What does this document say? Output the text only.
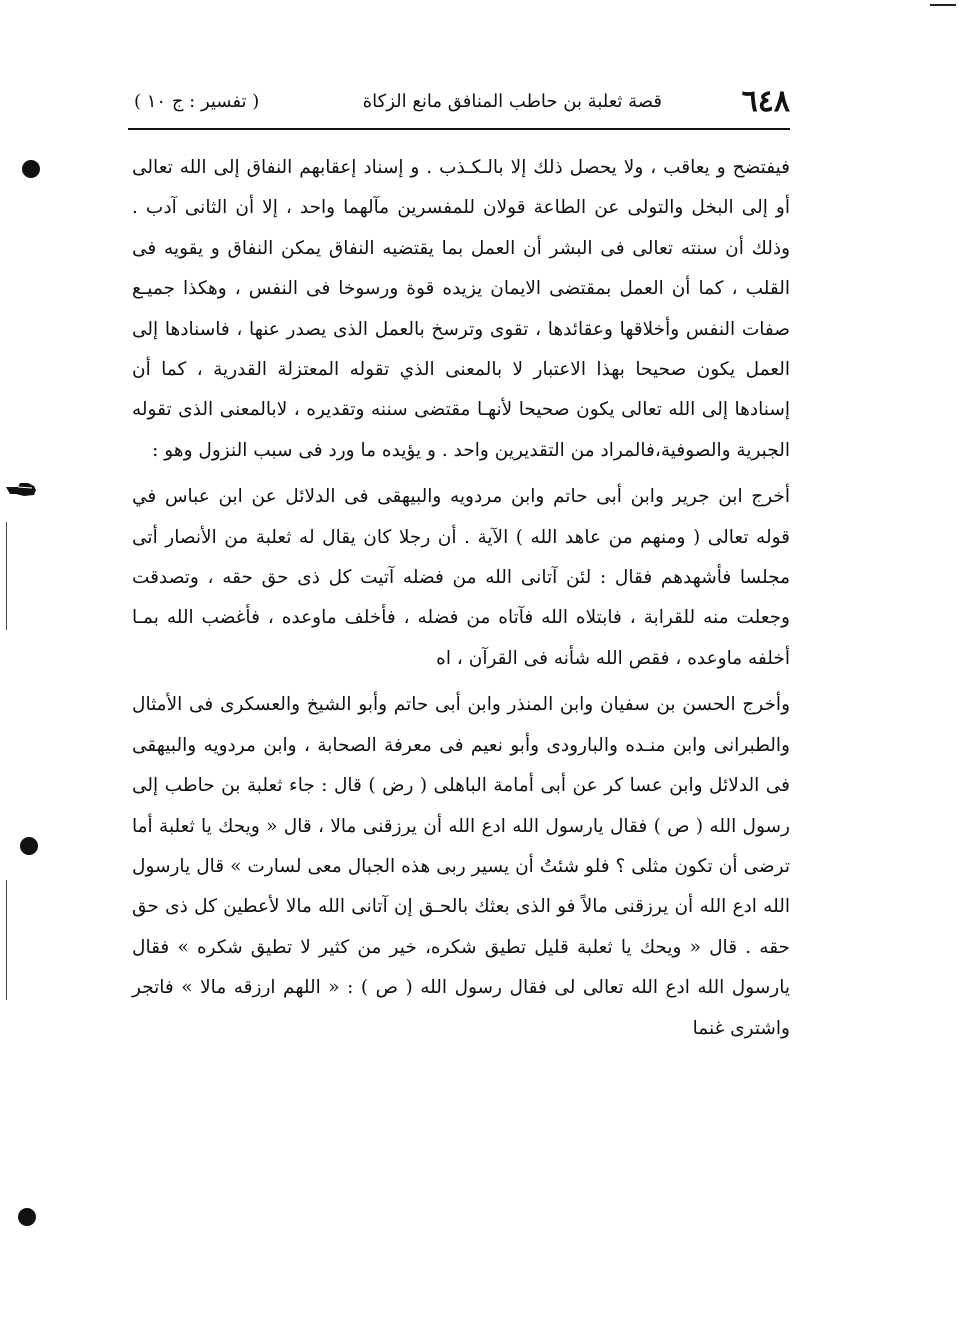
٦٤٨
قصة ثعلبة بن حاطب المنافق مانع الزكاة
( تفسير : ج ١٠ )

فيفتضح و يعاقب ، ولا يحصل ذلك إلا بالـكـذب . و إسناد إعقابهم النفاق إلى الله تعالى أو إلى البخل والتولى عن الطاعة قولان للمفسرين مآلهما واحد ، إلا أن الثانى آدب . وذلك أن سنته تعالى فى البشر أن العمل بما يقتضيه النفاق يمكن النفاق و يقويه فى القلب ، كما أن العمل بمقتضى الايمان يزيده قوة ورسوخا فى النفس ، وهكذا جميـع صفات النفس وأخلاقها وعقائدها ، تقوى وترسخ بالعمل الذى يصدر عنها ، فاسنادها إلى العمل يكون صحيحا بهذا الاعتبار لا بالمعنى الذي تقوله المعتزلة القدرية ، كما أن إسنادها إلى الله تعالى يكون صحيحا لأنهـا مقتضى سننه وتقديره ، لابالمعنى الذى تقوله الجبرية والصوفية،فالمراد من التقديرين واحد . و يؤيده ما ورد فى سبب النزول وهو :

أخرج ابن جرير وابن أبى حاتم وابن مردويه والبيهقى فى الدلائل عن ابن عباس في قوله تعالى ( ومنهم من عاهد الله ) الآية . أن رجلا كان يقال له ثعلبة من الأنصار أتى مجلسا فأشهدهم فقال : لئن آتانى الله من فضله آتيت كل ذى حق حقه ، وتصدقت وجعلت منه للقرابة ، فابتلاه الله فآتاه من فضله ، فأخلف ماوعده ، فأغضب الله بمـا أخلفه ماوعده ، فقص الله شأنه فى القرآن ، اه

وأخرج الحسن بن سفيان وابن المنذر وابن أبى حاتم وأبو الشيخ والعسكرى فى الأمثال والطبرانى وابن منـده والبارودى وأبو نعيم فى معرفة الصحابة ، وابن مردويه والبيهقى فى الدلائل وابن عسا كر عن أبى أمامة الباهلى ( رض ) قال : جاء ثعلبة بن حاطب إلى رسول الله ( ص ) فقال يارسول الله ادع الله أن يرزقنى مالا ، قال « ويحك يا ثعلبة أما ترضى أن تكون مثلى ؟ فلو شئتُ أن يسير ربى هذه الجبال معى لسارت » قال يارسول الله ادع الله أن يرزقنى مالاً فو الذى بعثك بالحـق إن آتانى الله مالا لأعطين كل ذى حق حقه . قال « ويحك يا ثعلبة قليل تطيق شكره، خير من كثير لا تطيق شكره » فقال يارسول الله ادع الله تعالى لى فقال رسول الله ( ص ) : « اللهم ارزقه مالا » فاتجر واشترى غنما
